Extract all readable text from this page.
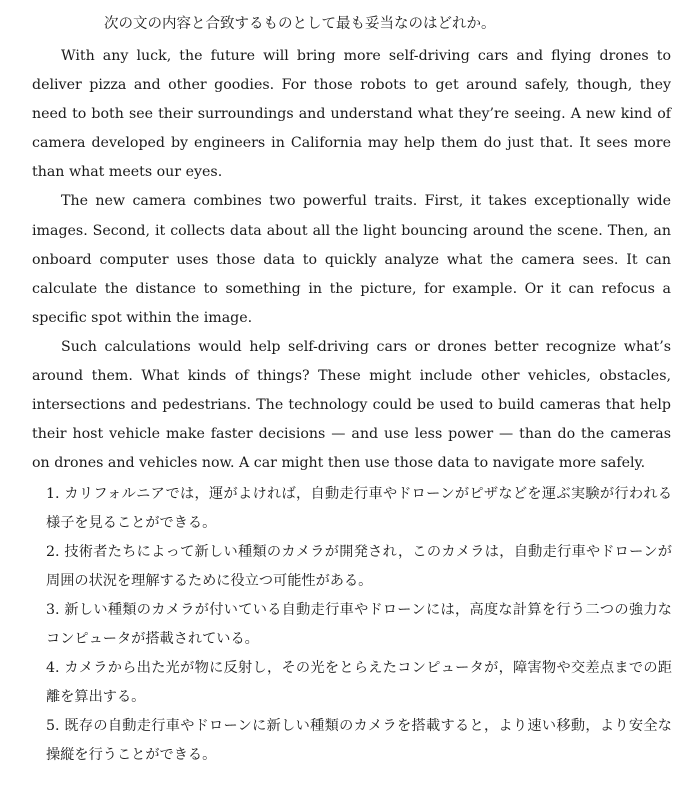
次の文の内容と合致するものとして最も妥当なのはどれか。

With any luck, the future will bring more self-driving cars and flying drones to deliver pizza and other goodies. For those robots to get around safely, though, they need to both see their surroundings and understand what they’re seeing. A new kind of camera developed by engineers in California may help them do just that. It sees more than what meets our eyes.

The new camera combines two powerful traits. First, it takes exceptionally wide images. Second, it collects data about all the light bouncing around the scene. Then, an onboard computer uses those data to quickly analyze what the camera sees. It can calculate the distance to something in the picture, for example. Or it can refocus a specific spot within the image.

Such calculations would help self-driving cars or drones better recognize what’s around them. What kinds of things? These might include other vehicles, obstacles, intersections and pedestrians. The technology could be used to build cameras that help their host vehicle make faster decisions — and use less power — than do the cameras on drones and vehicles now. A car might then use those data to navigate more safely.

1. カリフォルニアでは，運がよければ，自動走行車やドローンがピザなどを運ぶ実験が行われる様子を見ることができる。
2. 技術者たちによって新しい種類のカメラが開発され，このカメラは，自動走行車やドローンが周囲の状況を理解するために役立つ可能性がある。
3. 新しい種類のカメラが付いている自動走行車やドローンには，高度な計算を行う二つの強力なコンピュータが搭載されている。
4. カメラから出た光が物に反射し，その光をとらえたコンピュータが，障害物や交差点までの距離を算出する。
5. 既存の自動走行車やドローンに新しい種類のカメラを搭載すると，より速い移動，より安全な操縦を行うことができる。
